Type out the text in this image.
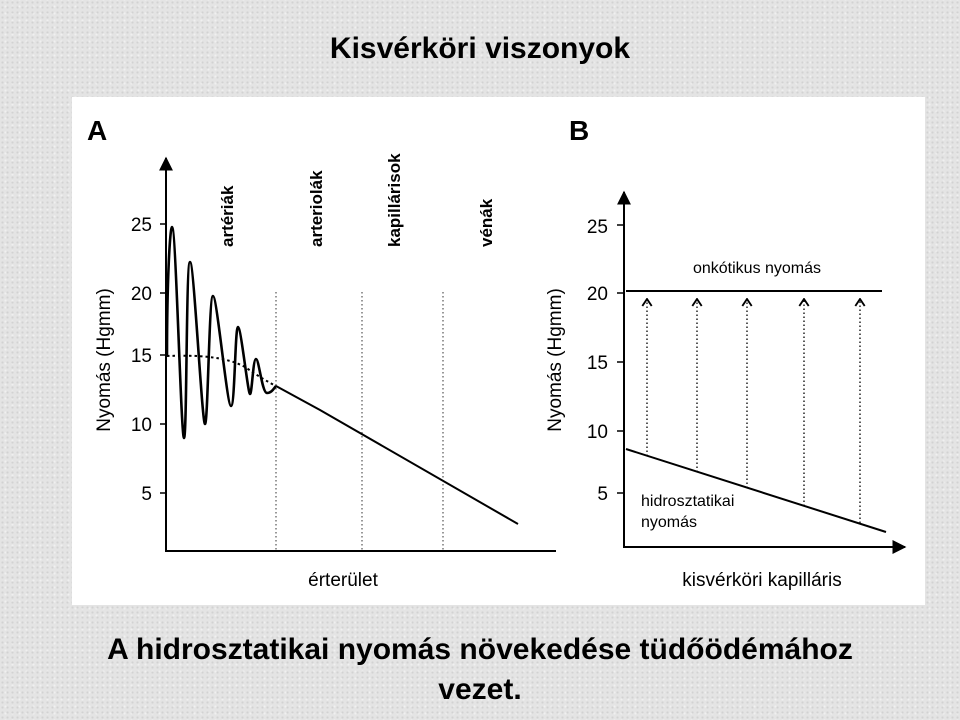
Kisvérköri viszonyok
A
Nyomás (Hgmm)
25
20
15
10
5
artériák	arteriolák	kapillárisok	vénák
érterület
B
Nyomás (Hgmm)
25
20
15
10
5
onkótikus nyomás
hidrosztatikai
nyomás
kisvérköri kapilláris
A hidrosztatikai nyomás növekedése tüdőödémához
vezet.
